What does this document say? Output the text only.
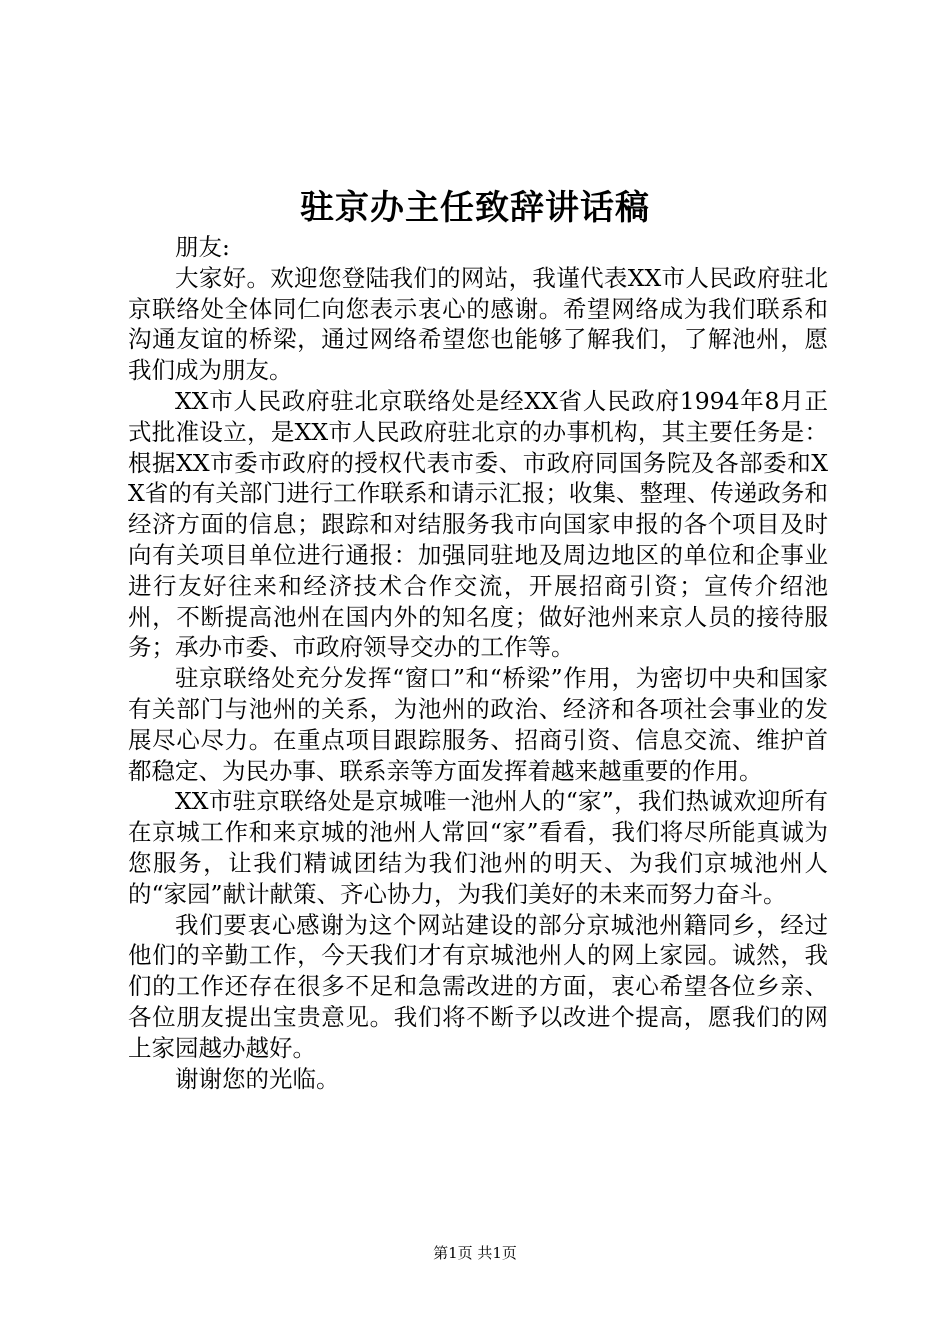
驻京办主任致辞讲话稿

朋友:

大家好。欢迎您登陆我们的网站，我谨代表XX市人民政府驻北京联络处全体同仁向您表示衷心的感谢。希望网络成为我们联系和沟通友谊的桥梁，通过网络希望您也能够了解我们，了解池州，愿我们成为朋友。

XX市人民政府驻北京联络处是经XX省人民政府1994年8月正式批准设立，是XX市人民政府驻北京的办事机构，其主要任务是：根据XX市委市政府的授权代表市委、市政府同国务院及各部委和XX省的有关部门进行工作联系和请示汇报；收集、整理、传递政务和经济方面的信息；跟踪和对结服务我市向国家申报的各个项目及时向有关项目单位进行通报：加强同驻地及周边地区的单位和企事业进行友好往来和经济技术合作交流，开展招商引资；宣传介绍池州，不断提高池州在国内外的知名度；做好池州来京人员的接待服务；承办市委、市政府领导交办的工作等。

驻京联络处充分发挥“窗口”和“桥梁”作用，为密切中央和国家有关部门与池州的关系，为池州的政治、经济和各项社会事业的发展尽心尽力。在重点项目跟踪服务、招商引资、信息交流、维护首都稳定、为民办事、联系亲等方面发挥着越来越重要的作用。

XX市驻京联络处是京城唯一池州人的“家”，我们热诚欢迎所有在京城工作和来京城的池州人常回“家”看看，我们将尽所能真诚为您服务，让我们精诚团结为我们池州的明天、为我们京城池州人的“家园”献计献策、齐心协力，为我们美好的未来而努力奋斗。

我们要衷心感谢为这个网站建设的部分京城池州籍同乡，经过他们的辛勤工作，今天我们才有京城池州人的网上家园。诚然，我们的工作还存在很多不足和急需改进的方面，衷心希望各位乡亲、各位朋友提出宝贵意见。我们将不断予以改进个提高，愿我们的网上家园越办越好。

谢谢您的光临。

第1页 共1页
